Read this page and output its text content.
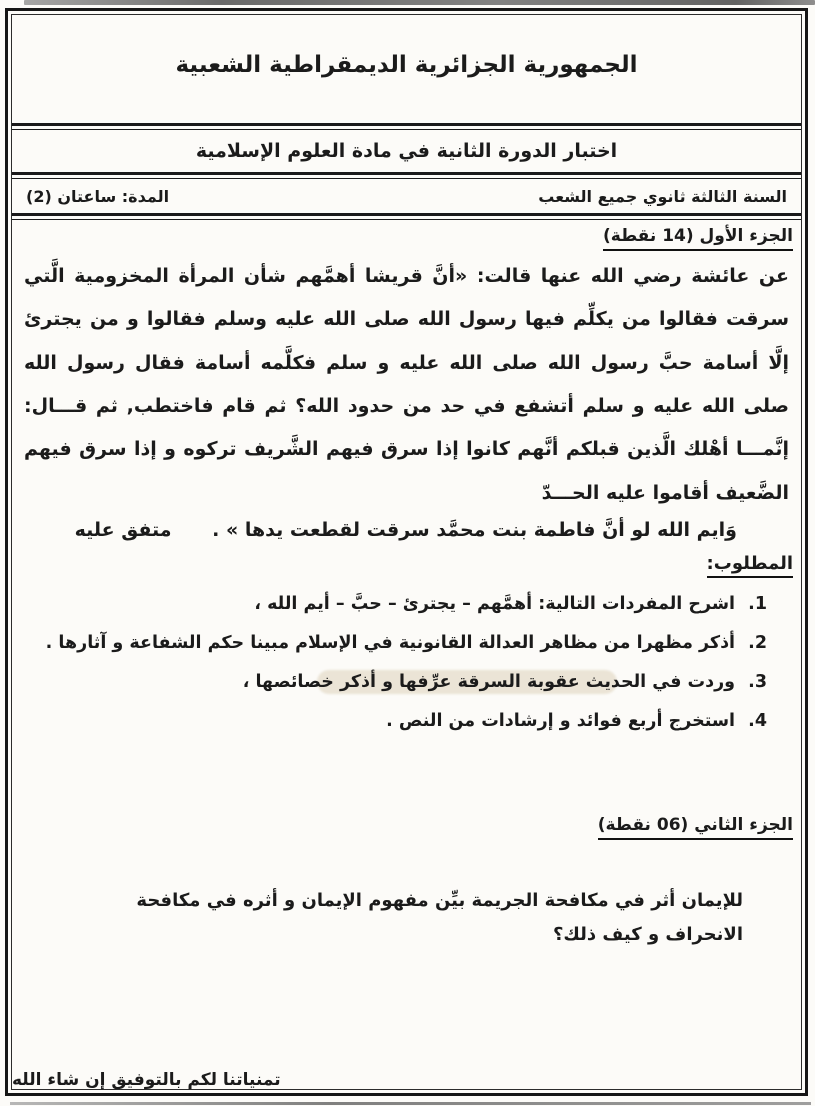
الجمهورية الجزائرية الديمقراطية الشعبية
اختبار الدورة الثانية في مادة العلوم الإسلامية
السنة الثالثة ثانوي جميع الشعب
المدة: ساعتان (2)
الجزء الأول (14 نقطة)

عن عائشة رضي الله عنها قالت: «أنَّ قريشا أهمَّهم شأن المرأة المخزومية الَّتي سرقت فقالوا من يكلِّم فيها رسول الله صلى الله عليه وسلم فقالوا و من يجترئ إلَّا أسامة حبَّ رسول الله صلى الله عليه و سلم فكلَّمه أسامة فقال رسول الله صلى الله عليه و سلم أتشفع في حد من حدود الله؟ ثم قام فاختطب, ثم قـــال: إنَّمـــا أهْلك الَّذين قبلكم أنَّهم كانوا إذا سرق فيهم الشَّريف تركوه و إذا سرق فيهم الضَّعيف أقاموا عليه الحـــدّ

وَايم الله لو أنَّ فاطمة بنت محمَّد سرقت لقطعت يدها » . متفق عليه
المطلوب:
1. اشرح المفردات التالية: أهمَّهم – يجترئ – حبَّ – أيم الله ،
2. أذكر مظهرا من مظاهر العدالة القانونية في الإسلام مبينا حكم الشفاعة و آثارها .
3. وردت في الحديث عقوبة السرقة عرِّفها و أذكر خصائصها ،
4. استخرج أربع فوائد و إرشادات من النص .
الجزء الثاني (06 نقطة)

للإيمان أثر في مكافحة الجريمة بيِّن مفهوم الإيمان و أثره في مكافحة الانحراف و كيف ذلك؟

تمنياتنا لكم بالتوفيق إن شاء الله
